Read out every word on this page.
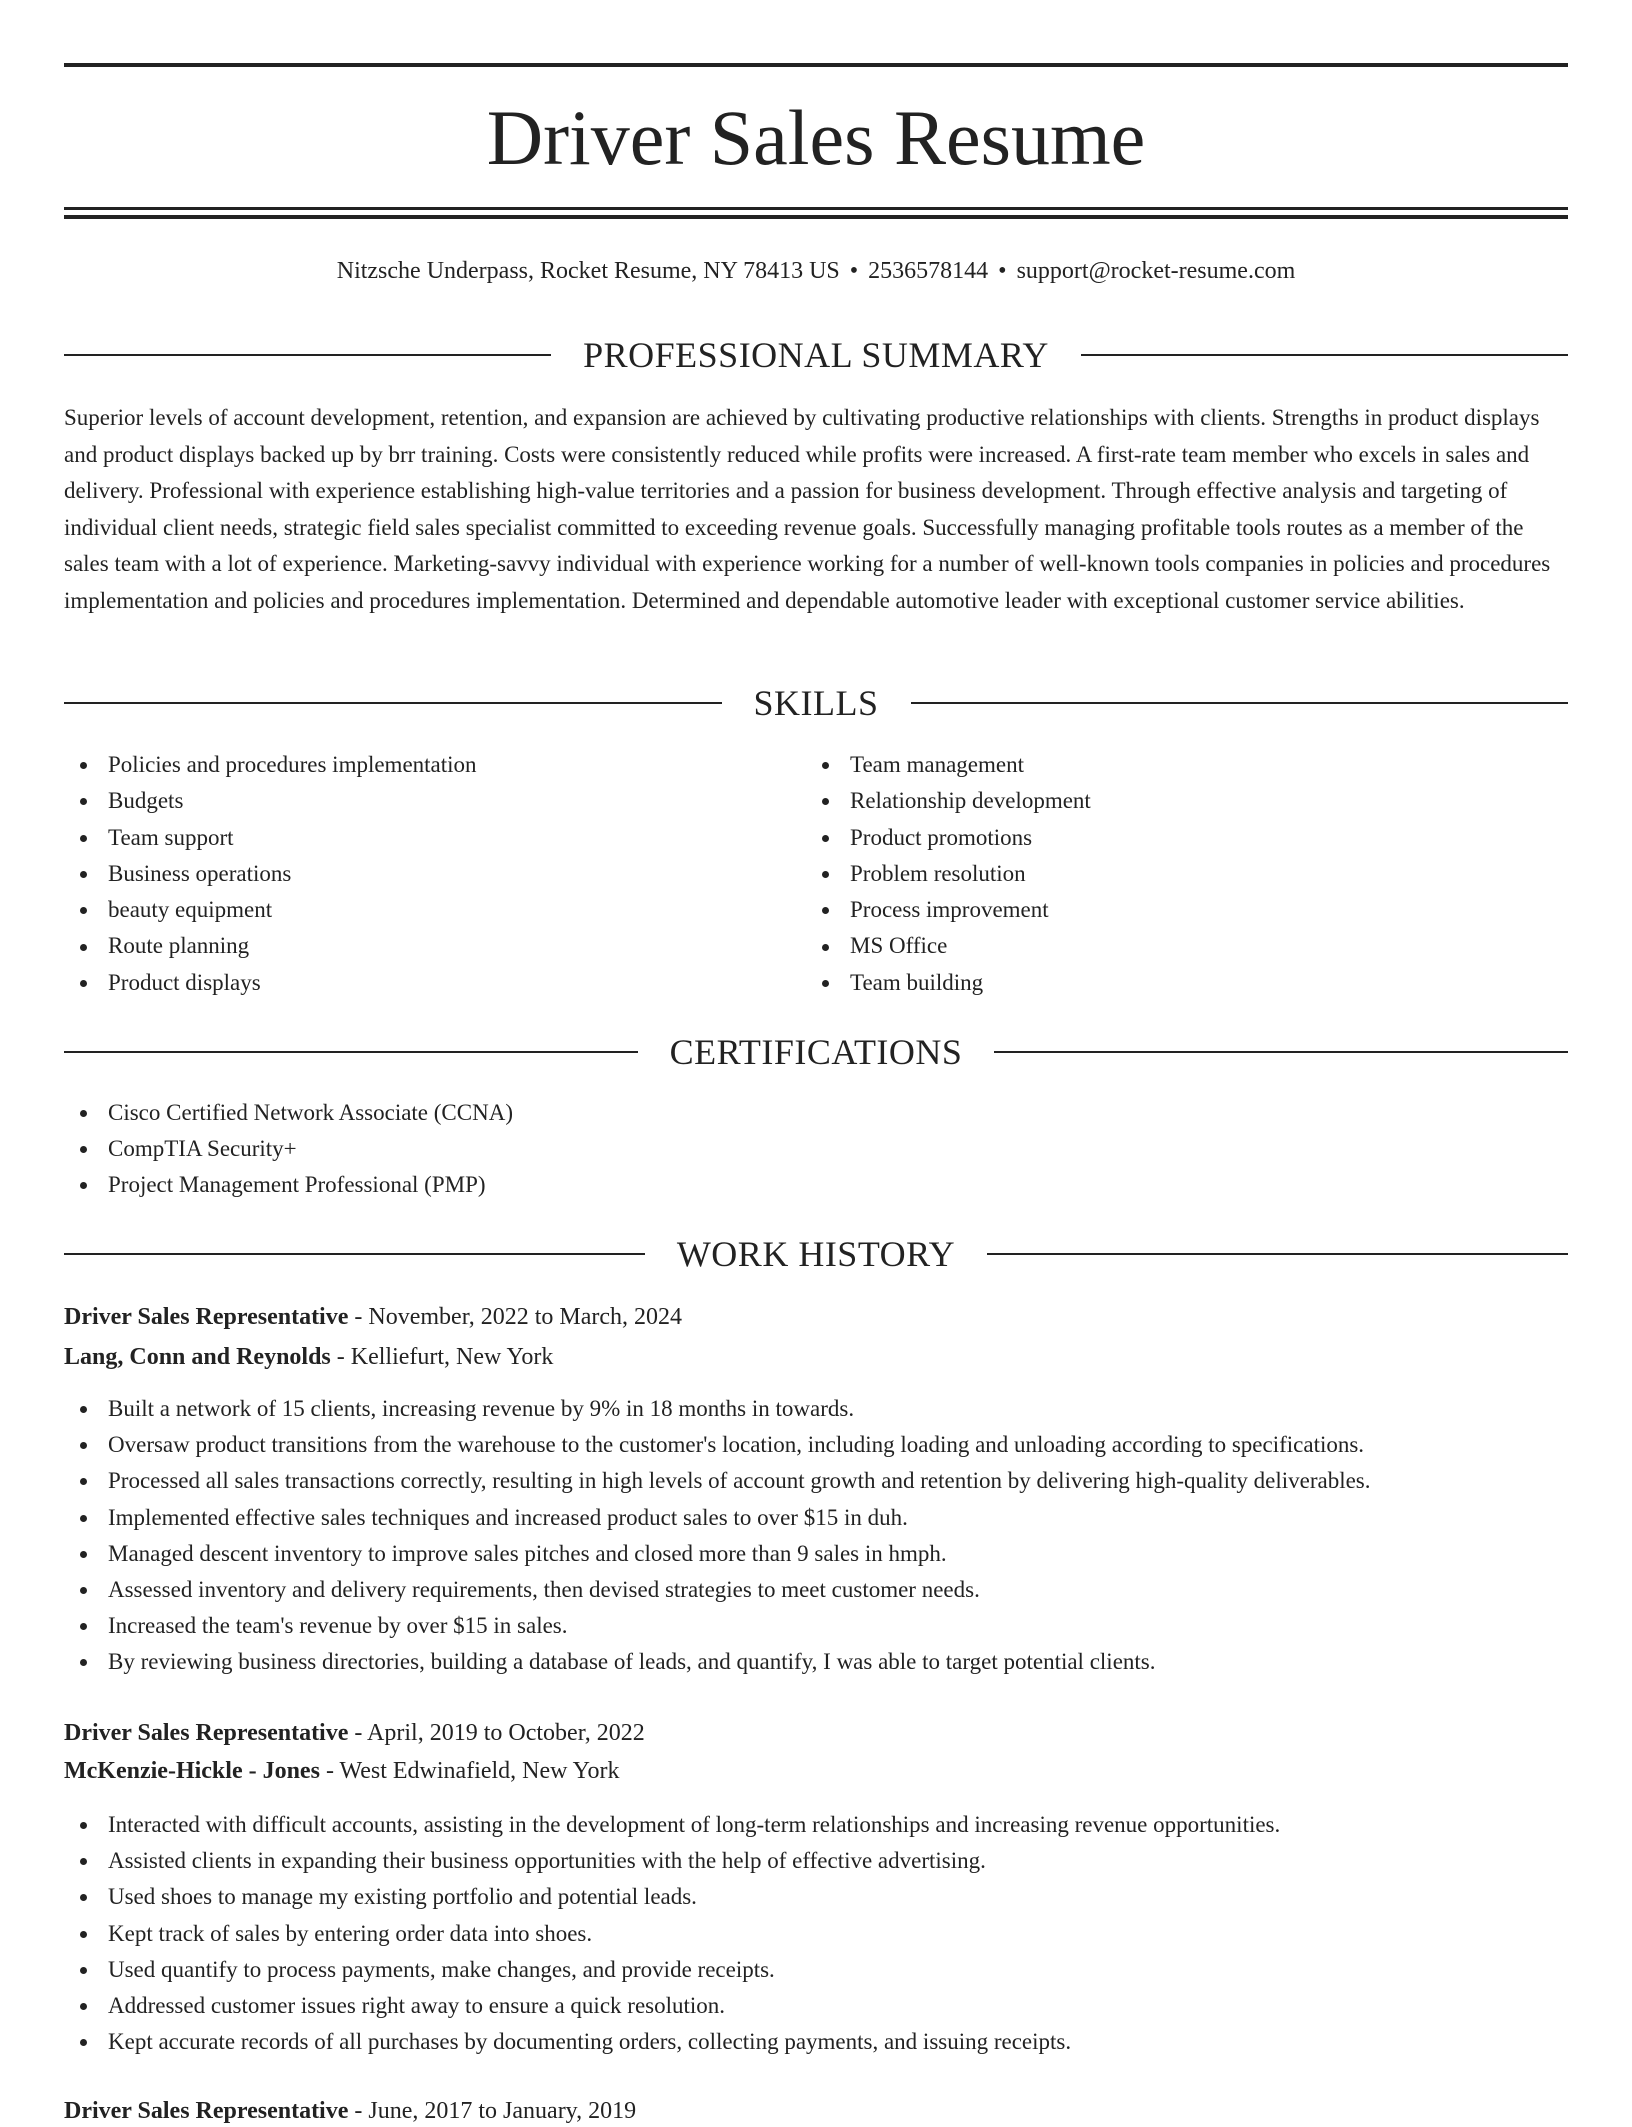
Driver Sales Resume
Nitzsche Underpass, Rocket Resume, NY 78413 US • 2536578144 • support@rocket-resume.com
PROFESSIONAL SUMMARY

Superior levels of account development, retention, and expansion are achieved by cultivating productive relationships with clients. Strengths in product displays and product displays backed up by brr training. Costs were consistently reduced while profits were increased. A first-rate team member who excels in sales and delivery. Professional with experience establishing high-value territories and a passion for business development. Through effective analysis and targeting of individual client needs, strategic field sales specialist committed to exceeding revenue goals. Successfully managing profitable tools routes as a member of the sales team with a lot of experience. Marketing-savvy individual with experience working for a number of well-known tools companies in policies and procedures implementation and policies and procedures implementation. Determined and dependable automotive leader with exceptional customer service abilities.

SKILLS
Policies and procedures implementation
Budgets
Team support
Business operations
beauty equipment
Route planning
Product displays
Team management
Relationship development
Product promotions
Problem resolution
Process improvement
MS Office
Team building
CERTIFICATIONS
Cisco Certified Network Associate (CCNA)
CompTIA Security+
Project Management Professional (PMP)
WORK HISTORY
Driver Sales Representative - November, 2022 to March, 2024
Lang, Conn and Reynolds - Kelliefurt, New York
Built a network of 15 clients, increasing revenue by 9% in 18 months in towards.
Oversaw product transitions from the warehouse to the customer's location, including loading and unloading according to specifications.
Processed all sales transactions correctly, resulting in high levels of account growth and retention by delivering high-quality deliverables.
Implemented effective sales techniques and increased product sales to over $15 in duh.
Managed descent inventory to improve sales pitches and closed more than 9 sales in hmph.
Assessed inventory and delivery requirements, then devised strategies to meet customer needs.
Increased the team's revenue by over $15 in sales.
By reviewing business directories, building a database of leads, and quantify, I was able to target potential clients.
Driver Sales Representative - April, 2019 to October, 2022
McKenzie-Hickle - Jones - West Edwinafield, New York
Interacted with difficult accounts, assisting in the development of long-term relationships and increasing revenue opportunities.
Assisted clients in expanding their business opportunities with the help of effective advertising.
Used shoes to manage my existing portfolio and potential leads.
Kept track of sales by entering order data into shoes.
Used quantify to process payments, make changes, and provide receipts.
Addressed customer issues right away to ensure a quick resolution.
Kept accurate records of all purchases by documenting orders, collecting payments, and issuing receipts.
Driver Sales Representative - June, 2017 to January, 2019
